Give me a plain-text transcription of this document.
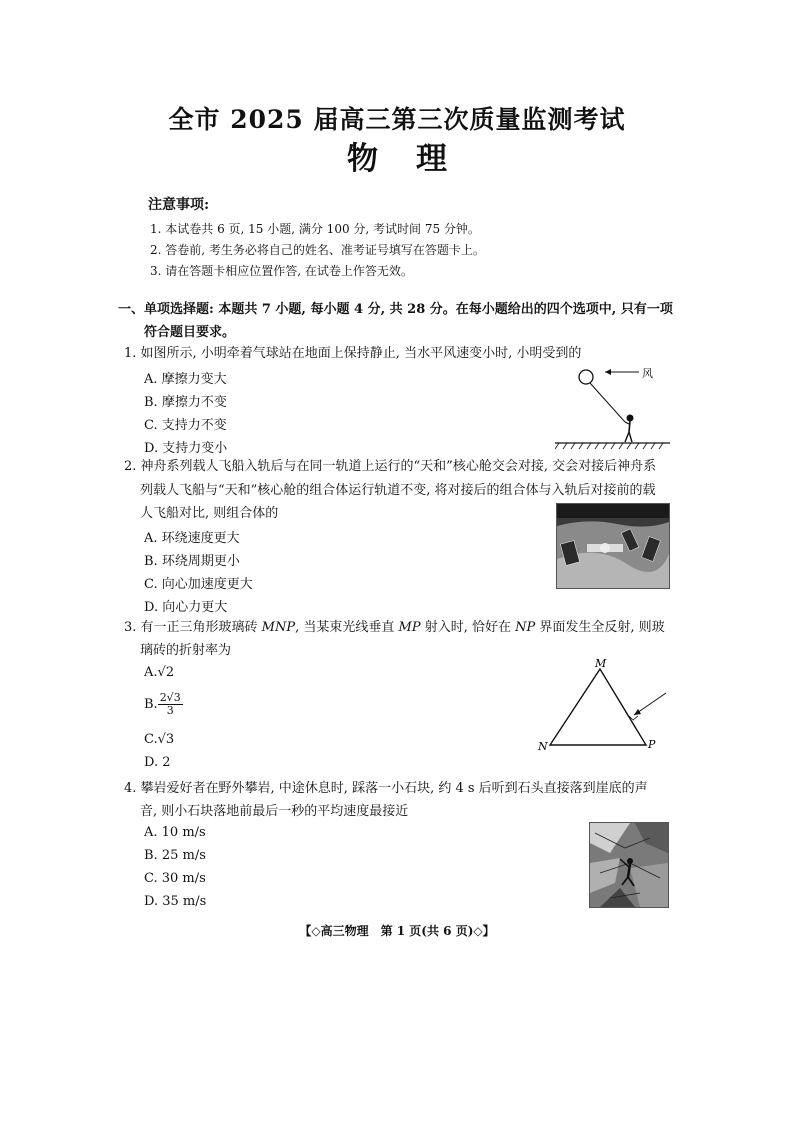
全市 2025 届高三第三次质量监测考试
物理
注意事项:
1. 本试卷共 6 页, 15 小题, 满分 100 分, 考试时间 75 分钟。
2. 答卷前, 考生务必将自己的姓名、准考证号填写在答题卡上。
3. 请在答题卡相应位置作答, 在试卷上作答无效。
一、单项选择题: 本题共 7 小题, 每小题 4 分, 共 28 分。在每小题给出的四个选项中, 只有一项
符合题目要求。
1. 如图所示, 小明牵着气球站在地面上保持静止, 当水平风速变小时, 小明受到的
A. 摩擦力变大
B. 摩擦力不变
C. 支持力不变
D. 支持力变小
风
2. 神舟系列载人飞船入轨后与在同一轨道上运行的“天和”核心舱交会对接, 交会对接后神舟系
列载人飞船与“天和”核心舱的组合体运行轨道不变, 将对接后的组合体与入轨后对接前的载
人飞船对比, 则组合体的
A. 环绕速度更大
B. 环绕周期更小
C. 向心加速度更大
D. 向心力更大
3. 有一正三角形玻璃砖 MNP, 当某束光线垂直 MP 射入时, 恰好在 NP 界面发生全反射, 则玻
璃砖的折射率为
A.√2
B. $\frac{2√3}{3}$
C.√3
D. 2
M
N	P
4. 攀岩爱好者在野外攀岩, 中途休息时, 踩落一小石块, 约 4 s 后听到石头直接落到崖底的声
音, 则小石块落地前最后一秒的平均速度最接近
A. 10 m/s
B. 25 m/s
C. 30 m/s
D. 35 m/s
【◇高三物理　第 1 页(共 6 页)◇】
